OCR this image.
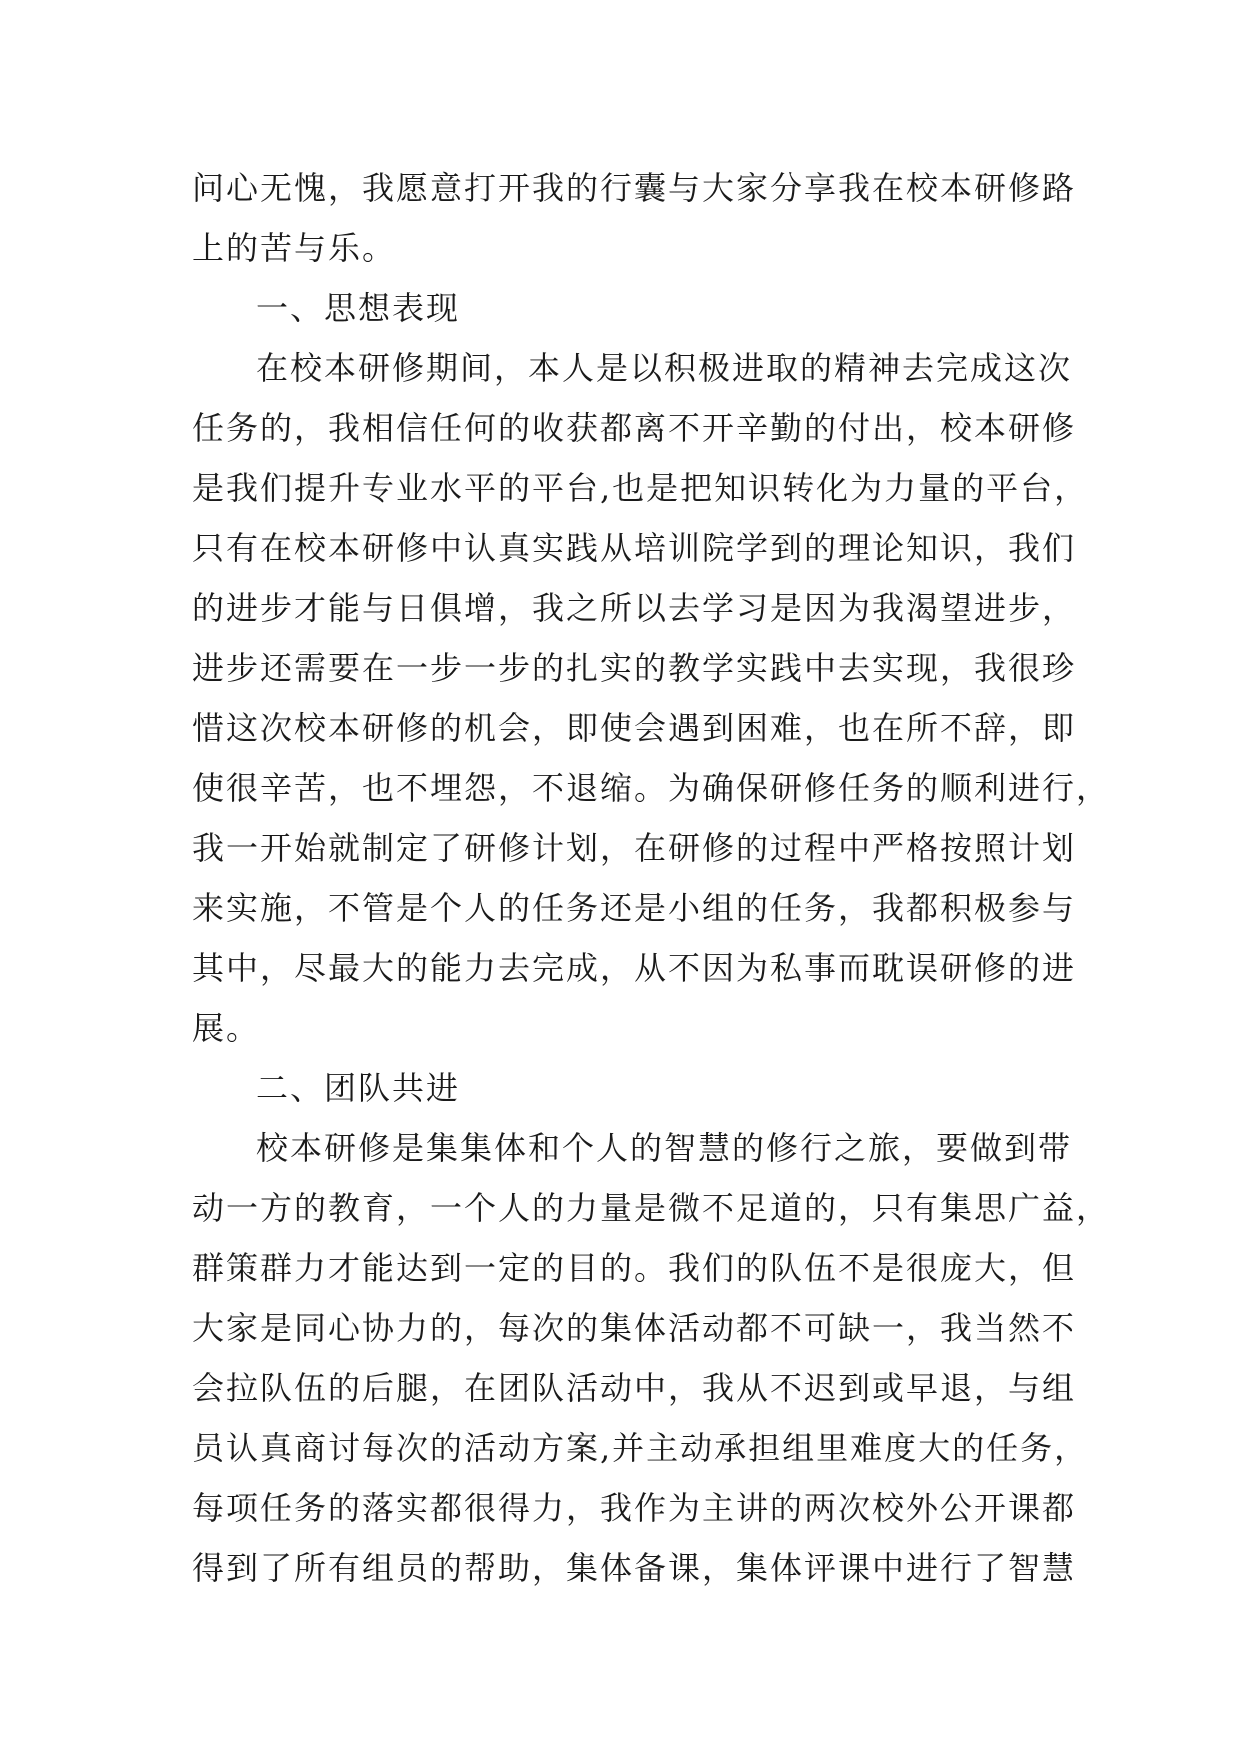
问心无愧，我愿意打开我的行囊与大家分享我在校本研修路
上的苦与乐。
一、思想表现
在校本研修期间，本人是以积极进取的精神去完成这次
任务的，我相信任何的收获都离不开辛勤的付出，校本研修
是我们提升专业水平的平台,也是把知识转化为力量的平台，
只有在校本研修中认真实践从培训院学到的理论知识，我们
的进步才能与日俱增，我之所以去学习是因为我渴望进步，
进步还需要在一步一步的扎实的教学实践中去实现，我很珍
惜这次校本研修的机会，即使会遇到困难，也在所不辞，即
使很辛苦，也不埋怨，不退缩。为确保研修任务的顺利进行，
我一开始就制定了研修计划，在研修的过程中严格按照计划
来实施，不管是个人的任务还是小组的任务，我都积极参与
其中，尽最大的能力去完成，从不因为私事而耽误研修的进
展。
二、团队共进
校本研修是集集体和个人的智慧的修行之旅，要做到带
动一方的教育，一个人的力量是微不足道的，只有集思广益，
群策群力才能达到一定的目的。我们的队伍不是很庞大，但
大家是同心协力的，每次的集体活动都不可缺一，我当然不
会拉队伍的后腿，在团队活动中，我从不迟到或早退，与组
员认真商讨每次的活动方案,并主动承担组里难度大的任务，
每项任务的落实都很得力，我作为主讲的两次校外公开课都
得到了所有组员的帮助，集体备课，集体评课中进行了智慧
